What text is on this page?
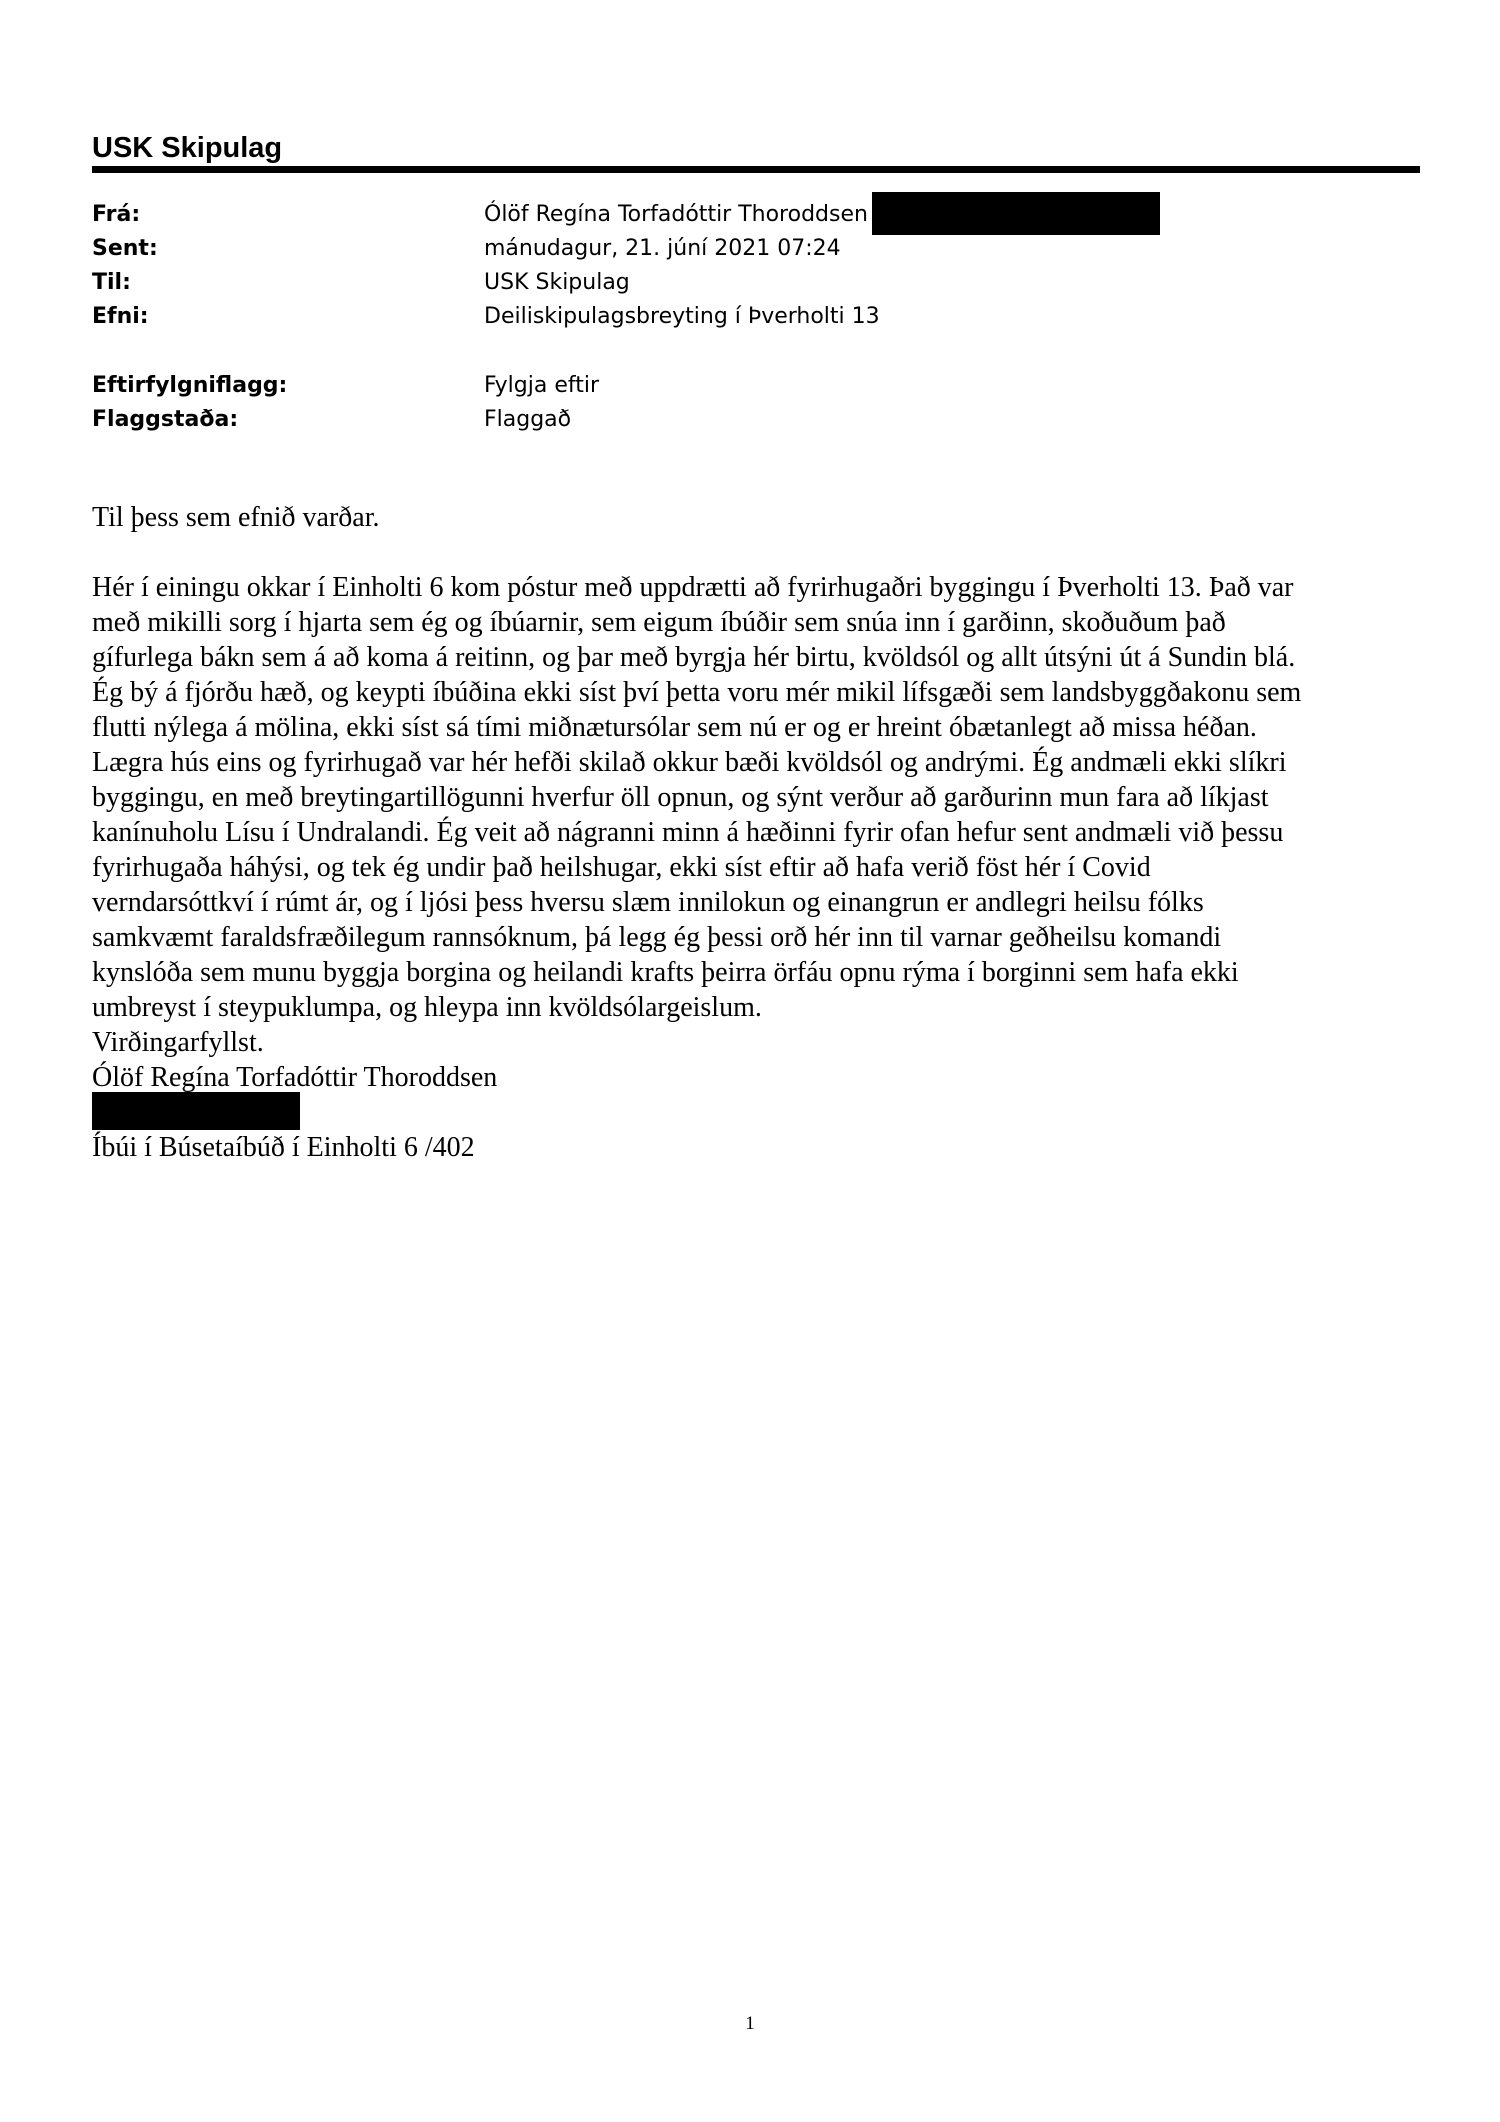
USK Skipulag
Frá:	Ólöf Regína Torfadóttir Thoroddsen
Sent:	mánudagur, 21. júní 2021 07:24
Til:	USK Skipulag
Efni:	Deiliskipulagsbreyting í Þverholti 13
Eftirfylgniflagg:	Fylgja eftir
Flaggstaða:	Flaggað

Til þess sem efnið varðar.

Hér í einingu okkar í Einholti 6 kom póstur með uppdrætti að fyrirhugaðri byggingu í Þverholti 13. Það var
með mikilli sorg í hjarta sem ég og íbúarnir, sem eigum íbúðir sem snúa inn í garðinn, skoðuðum það
gífurlega bákn sem á að koma á reitinn, og þar með byrgja hér birtu, kvöldsól og allt útsýni út á Sundin blá.
Ég bý á fjórðu hæð, og keypti íbúðina ekki síst því þetta voru mér mikil lífsgæði sem landsbyggðakonu sem
flutti nýlega á mölina, ekki síst sá tími miðnætursólar sem nú er og er hreint óbætanlegt að missa héðan.
Lægra hús eins og fyrirhugað var hér hefði skilað okkur bæði kvöldsól og andrými. Ég andmæli ekki slíkri
byggingu, en með breytingartillögunni hverfur öll opnun, og sýnt verður að garðurinn mun fara að líkjast
kanínuholu Lísu í Undralandi. Ég veit að nágranni minn á hæðinni fyrir ofan hefur sent andmæli við þessu
fyrirhugaða háhýsi, og tek ég undir það heilshugar, ekki síst eftir að hafa verið föst hér í Covid
verndarsóttkví í rúmt ár, og í ljósi þess hversu slæm innilokun og einangrun er andlegri heilsu fólks
samkvæmt faraldsfræðilegum rannsóknum, þá legg ég þessi orð hér inn til varnar geðheilsu komandi
kynslóða sem munu byggja borgina og heilandi krafts þeirra örfáu opnu rýma í borginni sem hafa ekki
umbreyst í steypuklumpa, og hleypa inn kvöldsólargeislum.

Virðingarfyllst.

Ólöf Regína Torfadóttir Thoroddsen

Íbúi í Búsetaíbúð í Einholti 6 /402

1
